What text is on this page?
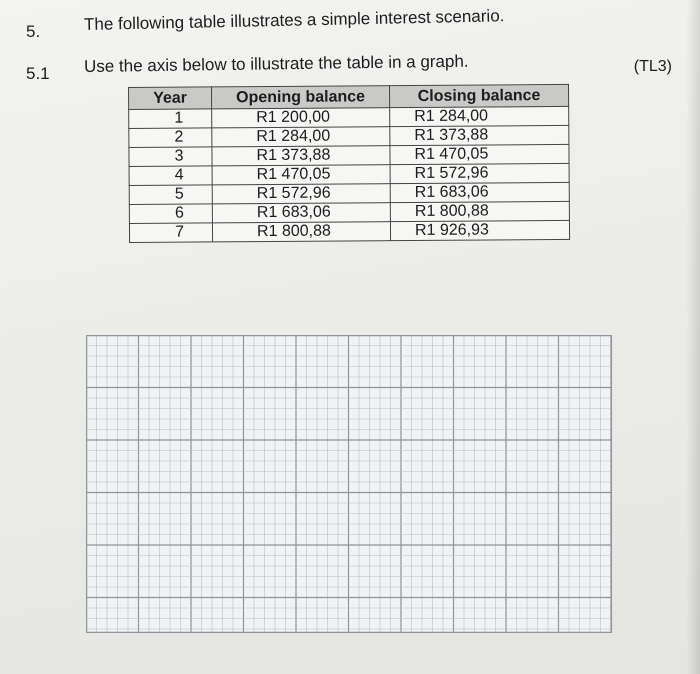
5.	The following table illustrates a simple interest scenario.
5.1 Use the axis below to illustrate the table in a graph.	(TL3)
Year	Opening balance	Closing balance
1	R1 200,00	R1 284,00
2	R1 284,00	R1 373,88
3	R1 373,88	R1 470,05
4	R1 470,05	R1 572,96
5	R1 572,96	R1 683,06
6	R1 683,06	R1 800,88
7	R1 800,88	R1 926,93
